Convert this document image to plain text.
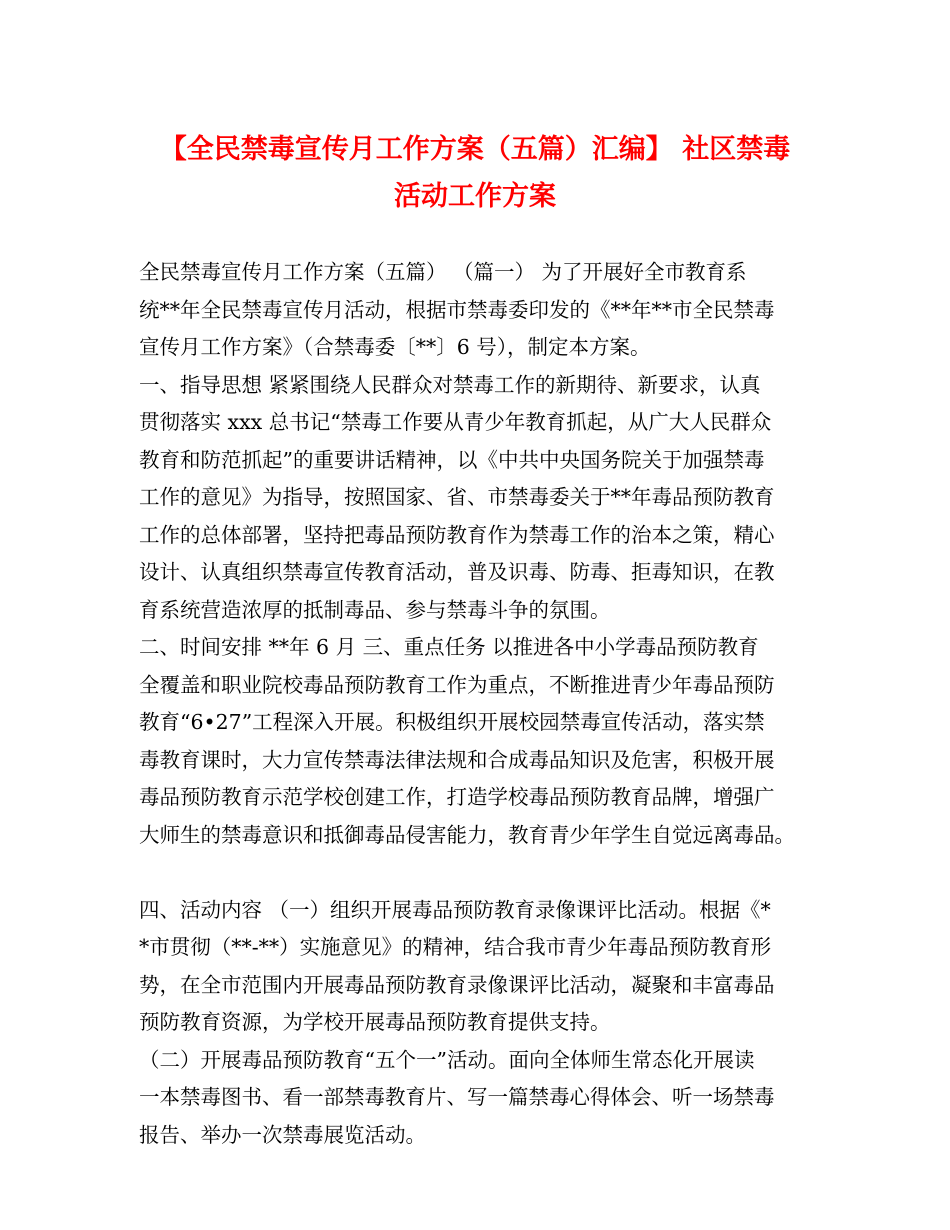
【全民禁毒宣传月工作方案（五篇）汇编】 社区禁毒
活动工作方案

全民禁毒宣传月工作方案（五篇） （篇一） 为了开展好全市教育系
统**年全民禁毒宣传月活动，根据市禁毒委印发的《**年**市全民禁毒
宣传月工作方案》（合禁毒委〔**〕6 号），制定本方案。

一、指导思想 紧紧围绕人民群众对禁毒工作的新期待、新要求，认真
贯彻落实 xxx 总书记“禁毒工作要从青少年教育抓起，从广大人民群众
教育和防范抓起”的重要讲话精神，以《中共中央国务院关于加强禁毒
工作的意见》为指导，按照国家、省、市禁毒委关于**年毒品预防教育
工作的总体部署，坚持把毒品预防教育作为禁毒工作的治本之策，精心
设计、认真组织禁毒宣传教育活动，普及识毒、防毒、拒毒知识，在教
育系统营造浓厚的抵制毒品、参与禁毒斗争的氛围。

二、时间安排 **年 6 月 三、重点任务 以推进各中小学毒品预防教育
全覆盖和职业院校毒品预防教育工作为重点，不断推进青少年毒品预防
教育“6•27”工程深入开展。积极组织开展校园禁毒宣传活动，落实禁
毒教育课时，大力宣传禁毒法律法规和合成毒品知识及危害，积极开展
毒品预防教育示范学校创建工作，打造学校毒品预防教育品牌，增强广
大师生的禁毒意识和抵御毒品侵害能力，教育青少年学生自觉远离毒品。

四、活动内容 （一）组织开展毒品预防教育录像课评比活动。根据《*
*市贯彻（**-**）实施意见》的精神，结合我市青少年毒品预防教育形
势，在全市范围内开展毒品预防教育录像课评比活动，凝聚和丰富毒品
预防教育资源，为学校开展毒品预防教育提供支持。

（二）开展毒品预防教育“五个一”活动。面向全体师生常态化开展读
一本禁毒图书、看一部禁毒教育片、写一篇禁毒心得体会、听一场禁毒
报告、举办一次禁毒展览活动。
